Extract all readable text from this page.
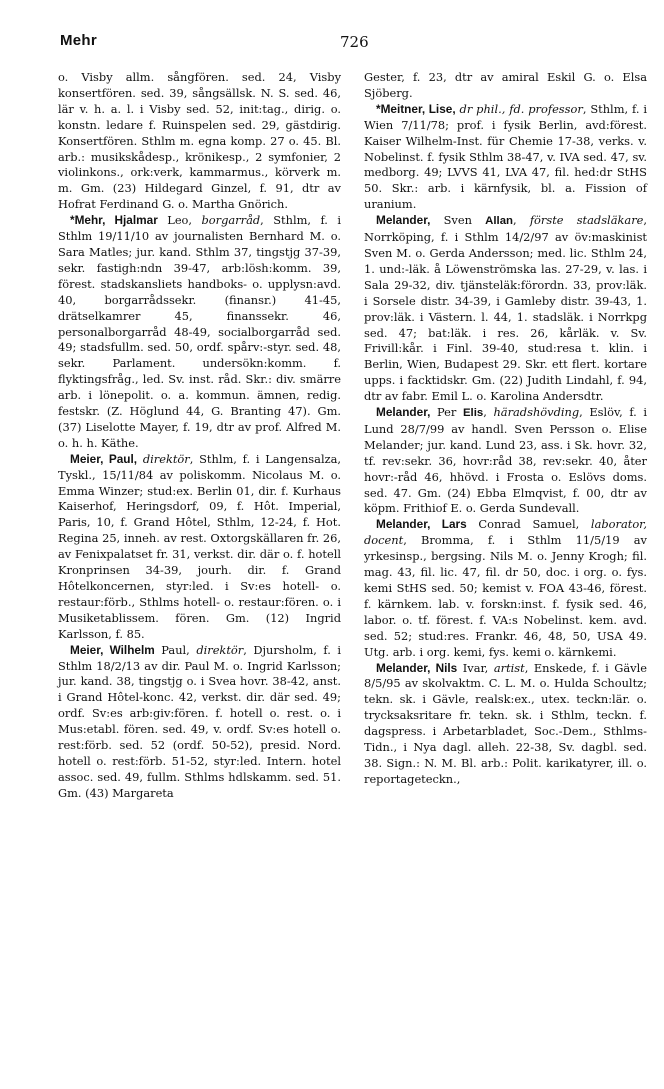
Mehr	726

o. Visby allm. sångfören. sed. 24, Visby konsertfören. sed. 39, sångsällsk. N. S. sed. 46, lär v. h. a. l. i Visby sed. 52, init:tag., dirig. o. konstn. ledare f. Ruinspelen sed. 29, gästdirig. Konsertfören. Sthlm m. egna komp. 27 o. 45. Bl. arb.: musikskådesp., krönikesp., 2 symfonier, 2 violinkons., ork:verk, kammarmus., körverk m. m. Gm. (23) Hildegard Ginzel, f. 91, dtr av Hofrat Ferdinand G. o. Martha Gnörich.

*Mehr, Hjalmar Leo, borgarråd, Sthlm, f. i Sthlm 19/11/10 av journalisten Bernhard M. o. Sara Matles; jur. kand. Sthlm 37, tingstjg 37-39, sekr. fastigh:ndn 39-47, arb:lösh:komm. 39, förest. stadskansliets handboks- o. upplysn:avd. 40, borgarrådssekr. (finansr.) 41-45, drätselkamrer 45, finanssekr. 46, personalborgarråd 48-49, socialborgarråd sed. 49; stadsfullm. sed. 50, ordf. spårv:-styr. sed. 48, sekr. Parlament. undersökn:komm. f. flyktingsfråg., led. Sv. inst. råd. Skr.: div. smärre arb. i lönepolit. o. a. kommun. ämnen, redig. festskr. (Z. Höglund 44, G. Branting 47). Gm. (37) Liselotte Mayer, f. 19, dtr av prof. Alfred M. o. h. h. Käthe.

Meier, Paul, direktör, Sthlm, f. i Langensalza, Tyskl., 15/11/84 av poliskomm. Nicolaus M. o. Emma Winzer; stud:ex. Berlin 01, dir. f. Kurhaus Kaiserhof, Heringsdorf, 09, f. Hôt. Imperial, Paris, 10, f. Grand Hôtel, Sthlm, 12-24, f. Hot. Regina 25, inneh. av rest. Oxtorgskällaren fr. 26, av Fenixpalatset fr. 31, verkst. dir. där o. f. hotell Kronprinsen 34-39, jourh. dir. f. Grand Hôtelkoncernen, styr:led. i Sv:es hotell- o. restaur:förb., Sthlms hotell- o. restaur:fören. o. i Musiketablissem. fören. Gm. (12) Ingrid Karlsson, f. 85.

Meier, Wilhelm Paul, direktör, Djursholm, f. i Sthlm 18/2/13 av dir. Paul M. o. Ingrid Karlsson; jur. kand. 38, tingstjg o. i Svea hovr. 38-42, anst. i Grand Hôtel-konc. 42, verkst. dir. där sed. 49; ordf. Sv:es arb:giv:fören. f. hotell o. rest. o. i Mus:etabl. fören. sed. 49, v. ordf. Sv:es hotell o. rest:förb. sed. 52 (ordf. 50-52), presid. Nord. hotell o. rest:förb. 51-52, styr:led. Intern. hotel assoc. sed. 49, fullm. Sthlms hdlskamm. sed. 51. Gm. (43) Margareta

Gester, f. 23, dtr av amiral Eskil G. o. Elsa Sjöberg.

*Meitner, Lise, dr phil., fd. professor, Sthlm, f. i Wien 7/11/78; prof. i fysik Berlin, avd:förest. Kaiser Wilhelm-Inst. für Chemie 17-38, verks. v. Nobelinst. f. fysik Sthlm 38-47, v. IVA sed. 47, sv. medborg. 49; LVVS 41, LVA 47, fil. hed:dr StHS 50. Skr.: arb. i kärnfysik, bl. a. Fission of uranium.

Melander, Sven Allan, förste stadsläkare, Norrköping, f. i Sthlm 14/2/97 av öv:maskinist Sven M. o. Gerda Andersson; med. lic. Sthlm 24, 1. und:-läk. å Löwenströmska las. 27-29, v. las. i Sala 29-32, div. tjänsteläk:förordn. 33, prov:läk. i Sorsele distr. 34-39, i Gamleby distr. 39-43, 1. prov:läk. i Västern. l. 44, 1. stadsläk. i Norrkpg sed. 47; bat:läk. i res. 26, kårläk. v. Sv. Frivill:kår. i Finl. 39-40, stud:resa t. klin. i Berlin, Wien, Budapest 29. Skr. ett flert. kortare upps. i facktidskr. Gm. (22) Judith Lindahl, f. 94, dtr av fabr. Emil L. o. Karolina Andersdtr.

Melander, Per Elis, häradshövding, Eslöv, f. i Lund 28/7/99 av handl. Sven Persson o. Elise Melander; jur. kand. Lund 23, ass. i Sk. hovr. 32, tf. rev:sekr. 36, hovr:råd 38, rev:sekr. 40, åter hovr:-råd 46, hhövd. i Frosta o. Eslövs doms. sed. 47. Gm. (24) Ebba Elmqvist, f. 00, dtr av köpm. Frithiof E. o. Gerda Sundevall.

Melander, Lars Conrad Samuel, laborator, docent, Bromma, f. i Sthlm 11/5/19 av yrkesinsp., bergsing. Nils M. o. Jenny Krogh; fil. mag. 43, fil. lic. 47, fil. dr 50, doc. i org. o. fys. kemi StHS sed. 50; kemist v. FOA 43-46, förest. f. kärnkem. lab. v. forskn:inst. f. fysik sed. 46, labor. o. tf. förest. f. VA:s Nobelinst. kem. avd. sed. 52; stud:res. Frankr. 46, 48, 50, USA 49. Utg. arb. i org. kemi, fys. kemi o. kärnkemi.

Melander, Nils Ivar, artist, Enskede, f. i Gävle 8/5/95 av skolvaktm. C. L. M. o. Hulda Schoultz; tekn. sk. i Gävle, realsk:ex., utex. teckn:lär. o. trycksaksritare fr. tekn. sk. i Sthlm, teckn. f. dagspress. i Arbetarbladet, Soc.-Dem., Sthlms-Tidn., i Nya dagl. alleh. 22-38, Sv. dagbl. sed. 38. Sign.: N. M. Bl. arb.: Polit. karikatyrer, ill. o. reportageteckn.,
